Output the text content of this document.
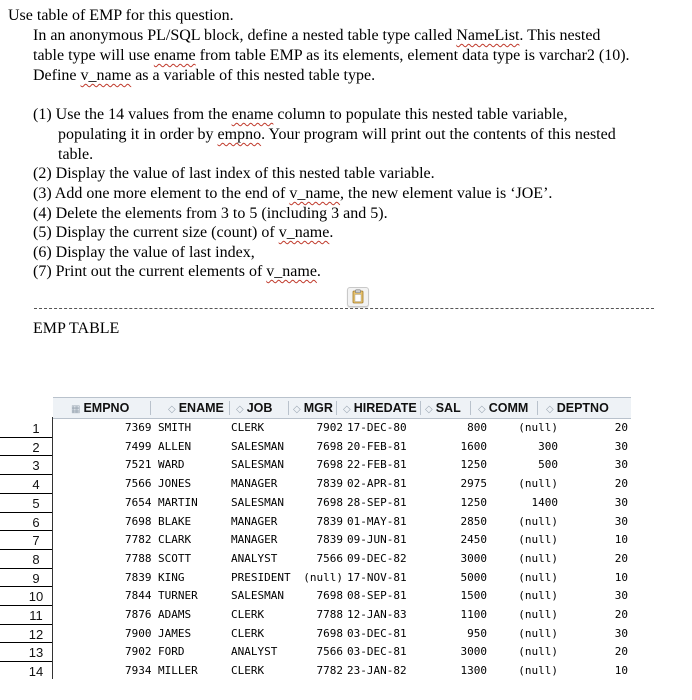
Use table of EMP for this question.
In an anonymous PL/SQL block, define a nested table type called NameList. This nested
table type will use ename from table EMP as its elements, element data type is varchar2 (10).
Define v_name as a variable of this nested table type.
(1) Use the 14 values from the ename column to populate this nested table variable,
populating it in order by empno. Your program will print out the contents of this nested
table.
(2) Display the value of last index of this nested table variable.
(3) Add one more element to the end of v_name, the new element value is ‘JOE’.
(4) Delete the elements from 3 to 5 (including 3 and 5).
(5) Display the current size (count) of v_name.
(6) Display the value of last index,
(7) Print out the current elements of v_name.
EMP TABLE
▦ EMPNO	◇ ENAME ◇ JOB ◇ MGR ◇ HIREDATE ◇ SAL ◇ COMM ◇ DEPTNO
1	7369 SMITH	CLERK	7902 17-DEC-80	800	(null)	20
2	7499 ALLEN	SALESMAN	7698 20-FEB-81	1600	300	30
3	7521 WARD	SALESMAN	7698 22-FEB-81	1250	500	30
4	7566 JONES	MANAGER	7839 02-APR-81	2975	(null)	20
5	7654 MARTIN	SALESMAN	7698 28-SEP-81	1250	1400	30
6	7698 BLAKE	MANAGER	7839 01-MAY-81	2850	(null)	30
7	7782 CLARK	MANAGER	7839 09-JUN-81	2450	(null)	10
8	7788 SCOTT	ANALYST	7566 09-DEC-82	3000	(null)	20
9	7839 KING	PRESIDENT (null) 17-NOV-81	5000	(null)	10
10	7844 TURNER	SALESMAN	7698 08-SEP-81	1500	(null)	30
11	7876 ADAMS	CLERK	7788 12-JAN-83	1100	(null)	20
12	7900 JAMES	CLERK	7698 03-DEC-81	950	(null)	30
13	7902 FORD	ANALYST	7566 03-DEC-81	3000	(null)	20
14	7934 MILLER	CLERK	7782 23-JAN-82	1300	(null)	10
